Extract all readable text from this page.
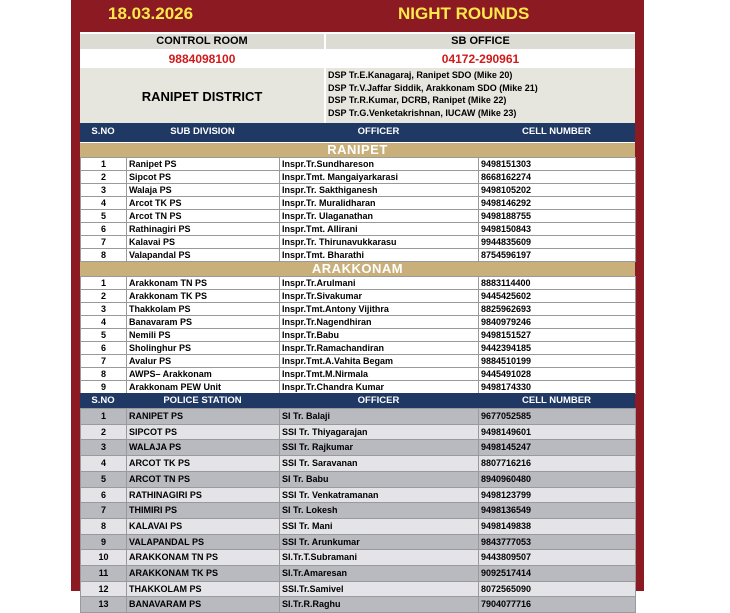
18.03.2026	NIGHT ROUNDS
CONTROL ROOM	SB OFFICE
9884098100	04172-290961
RANIPET DISTRICT
DSP Tr.E.Kanagaraj, Ranipet SDO (Mike 20)
DSP Tr.V.Jaffar Siddik, Arakkonam SDO (Mike 21)
DSP Tr.R.Kumar, DCRB, Ranipet (Mike 22)
DSP Tr.G.Venketakrishnan, IUCAW (Mike 23)
S.NO	SUB DIVISION	OFFICER	CELL NUMBER
RANIPET
1	Ranipet PS	Inspr.Tr.Sundhareson	9498151303
2	Sipcot PS	Inspr.Tmt. Mangaiyarkarasi	8668162274
3	Walaja PS	Inspr.Tr. Sakthiganesh	9498105202
4	Arcot TK PS	Inspr.Tr. Muralidharan	9498146292
5	Arcot TN PS	Inspr.Tr. Ulaganathan	9498188755
6	Rathinagiri PS	Inspr.Tmt. Allirani	9498150843
7	Kalavai PS	Inspr.Tr. Thirunavukkarasu	9944835609
8	Valapandal PS	Inspr.Tmt. Bharathi	8754596197
ARAKKONAM
1	Arakkonam TN PS	Inspr.Tr.Arulmani	8883114400
2	Arakkonam TK PS	Inspr.Tr.Sivakumar	9445425602
3	Thakkolam PS	Inspr.Tmt.Antony Vijithra	8825962693
4	Banavaram PS	Inspr.Tr.Nagendhiran	9840979246
5	Nemili PS	Inspr.Tr.Babu	9498151527
6	Sholinghur PS	Inspr.Tr.Ramachandiran	9442394185
7	Avalur PS	Inspr.Tmt.A.Vahita Begam	9884510199
8	AWPS– Arakkonam	Inspr.Tmt.M.Nirmala	9445491028
9	Arakkonam PEW Unit	Inspr.Tr.Chandra Kumar	9498174330
S.NO	POLICE STATION	OFFICER	CELL NUMBER
1	RANIPET PS	SI Tr. Balaji	9677052585
2	SIPCOT PS	SSI Tr. Thiyagarajan	9498149601
3	WALAJA PS	SSI Tr. Rajkumar	9498145247
4	ARCOT TK PS	SSI Tr. Saravanan	8807716216
5	ARCOT TN PS	SI Tr. Babu	8940960480
6	RATHINAGIRI PS	SSI Tr. Venkatramanan	9498123799
7	THIMIRI PS	SI Tr. Lokesh	9498136549
8	KALAVAI PS	SSI Tr. Mani	9498149838
9	VALAPANDAL PS	SSI Tr. Arunkumar	9843777053
10	ARAKKONAM TN PS	SI.Tr.T.Subramani	9443809507
11	ARAKKONAM TK PS	SI.Tr.Amaresan	9092517414
12	THAKKOLAM PS	SSI.Tr.Samivel	8072565090
13	BANAVARAM PS	SI.Tr.R.Raghu	7904077716
